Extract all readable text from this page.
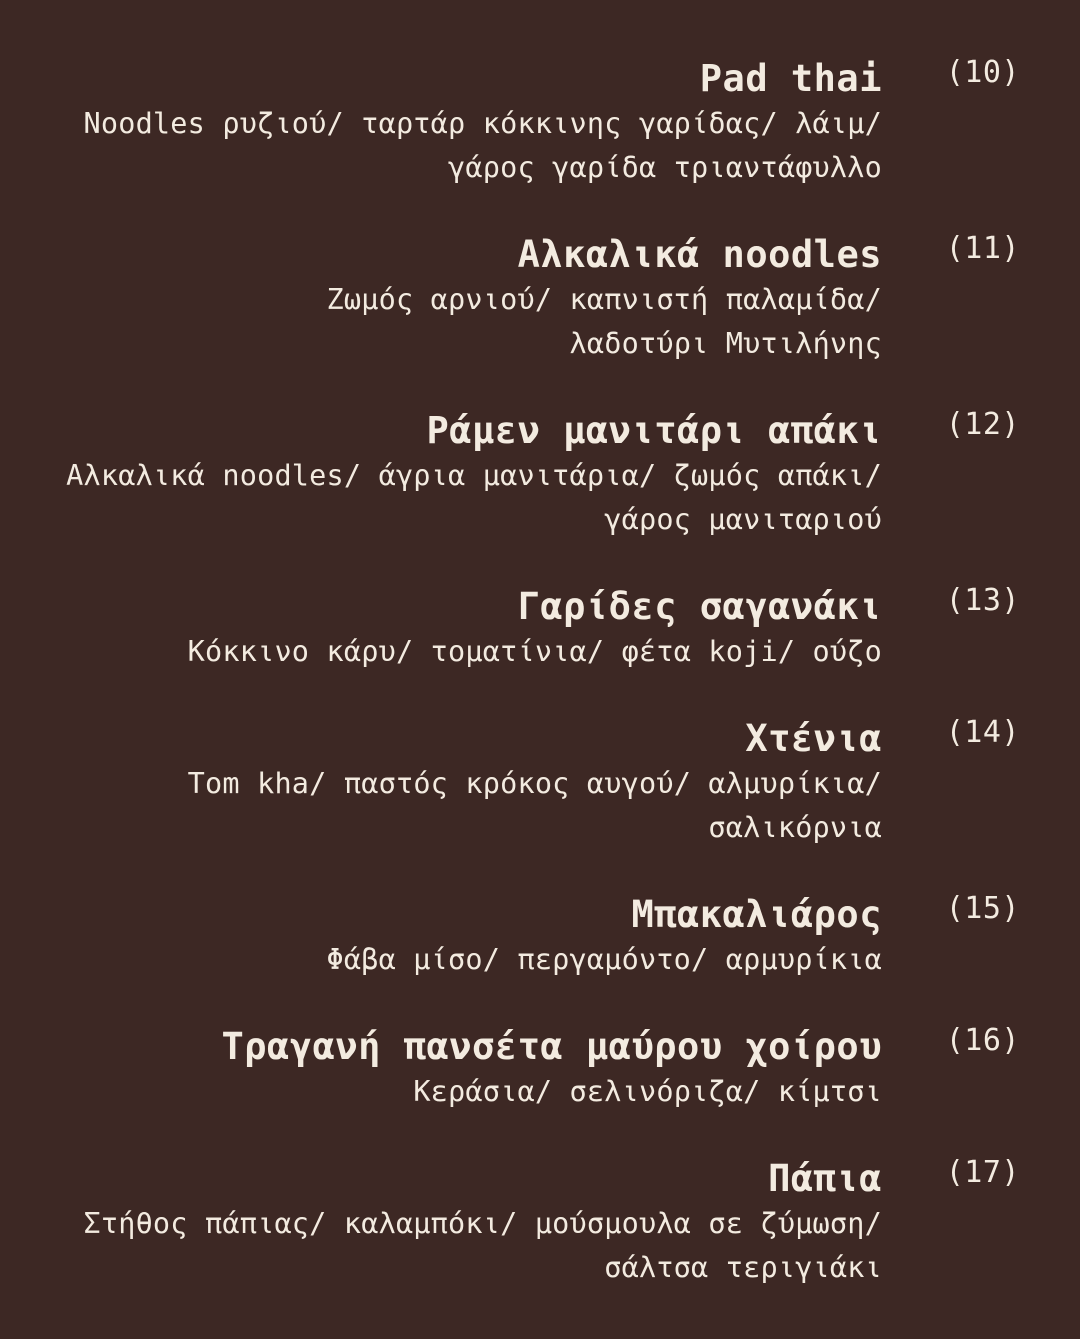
Pad thai
Noodles ρυζιού/ ταρτάρ κόκκινης γαρίδας/ λάιμ/
γάρος γαρίδα τριαντάφυλλο
(10)
Αλκαλικά noodles
Ζωμός αρνιού/ καπνιστή παλαμίδα/
λαδοτύρι Μυτιλήνης
(11)
Ράμεν μανιτάρι απάκι
Αλκαλικά noodles/ άγρια μανιτάρια/ ζωμός απάκι/
γάρος μανιταριού
(12)
Γαρίδες σαγανάκι
Κόκκινο κάρυ/ τοματίνια/ φέτα koji/ ούζο
(13)
Χτένια
Tom kha/ παστός κρόκος αυγού/ αλμυρίκια/
σαλικόρνια
(14)
Μπακαλιάρος
Φάβα μίσο/ περγαμόντο/ αρμυρίκια
(15)
Τραγανή πανσέτα μαύρου χοίρου
Κεράσια/ σελινόριζα/ κίμτσι
(16)
Πάπια
Στήθος πάπιας/ καλαμπόκι/ μούσμουλα σε ζύμωση/
σάλτσα τεριγιάκι
(17)
